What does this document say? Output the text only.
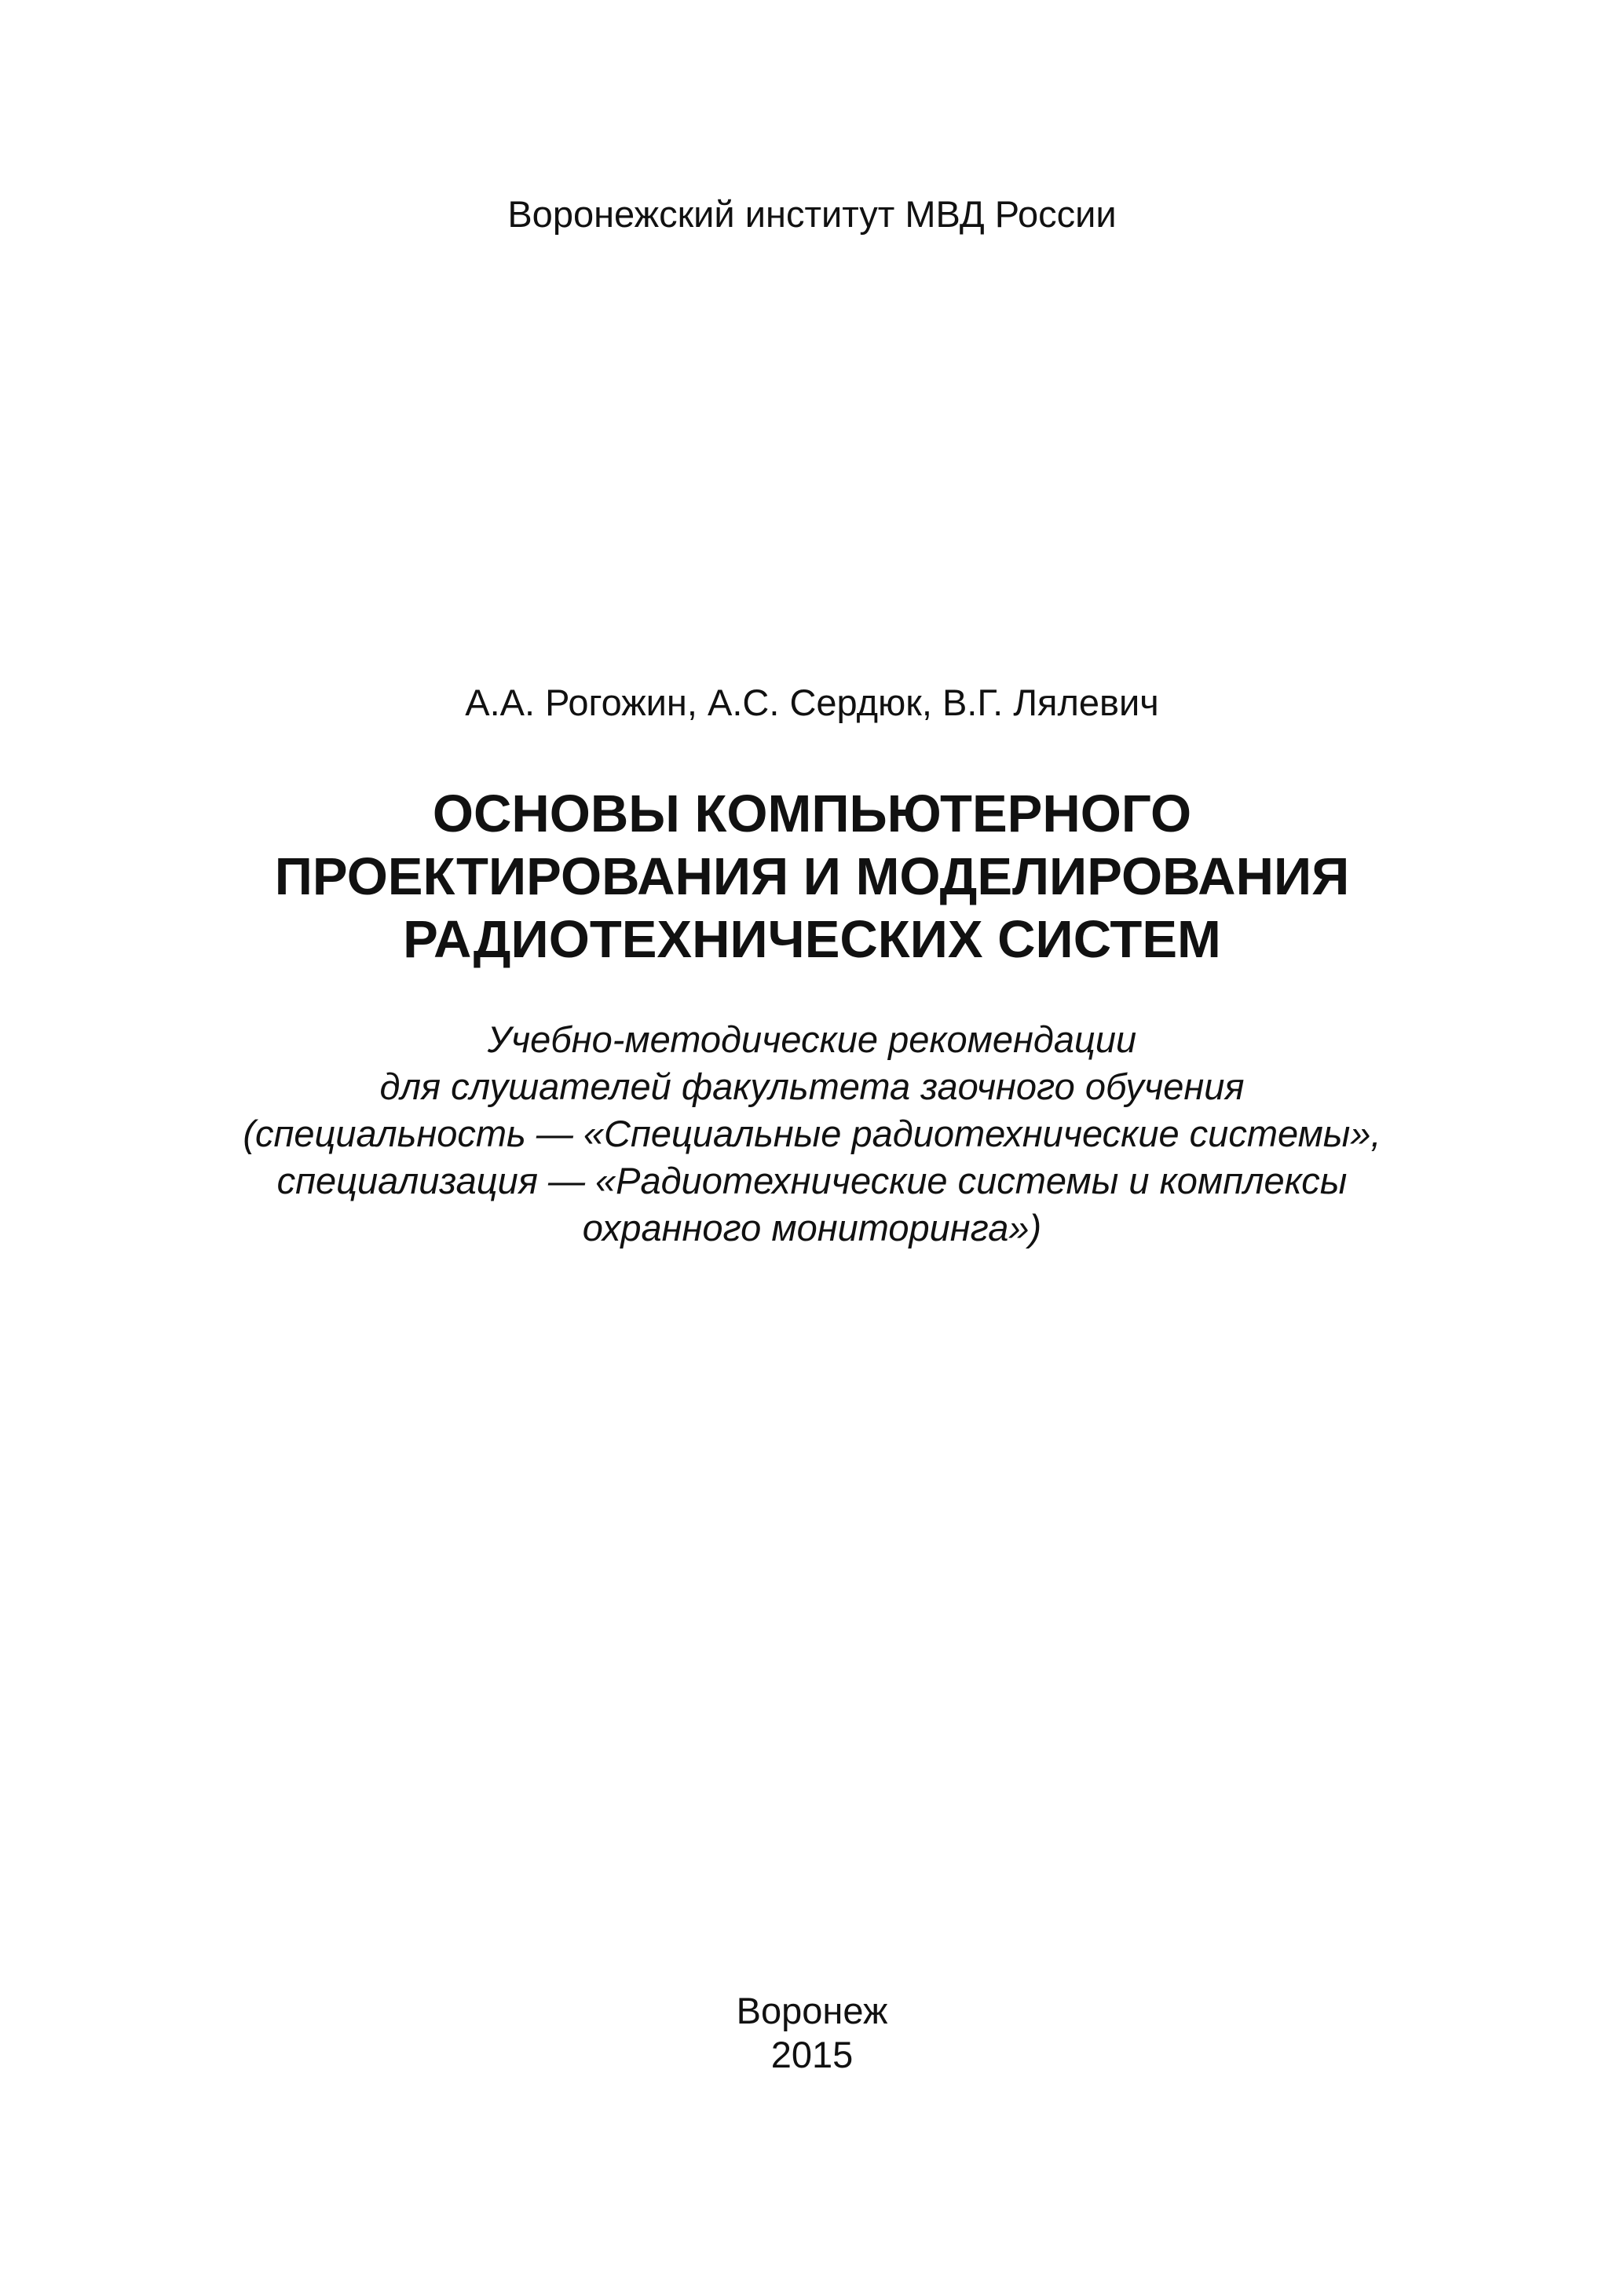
Воронежский институт МВД России
А.А. Рогожин, А.С. Сердюк, В.Г. Лялевич
ОСНОВЫ КОМПЬЮТЕРНОГО
ПРОЕКТИРОВАНИЯ И МОДЕЛИРОВАНИЯ
РАДИОТЕХНИЧЕСКИХ СИСТЕМ
Учебно-методические рекомендации
для слушателей факультета заочного обучения
(специальность — «Специальные радиотехнические системы»,
специализация — «Радиотехнические системы и комплексы
охранного мониторинга»)
Воронеж
2015
